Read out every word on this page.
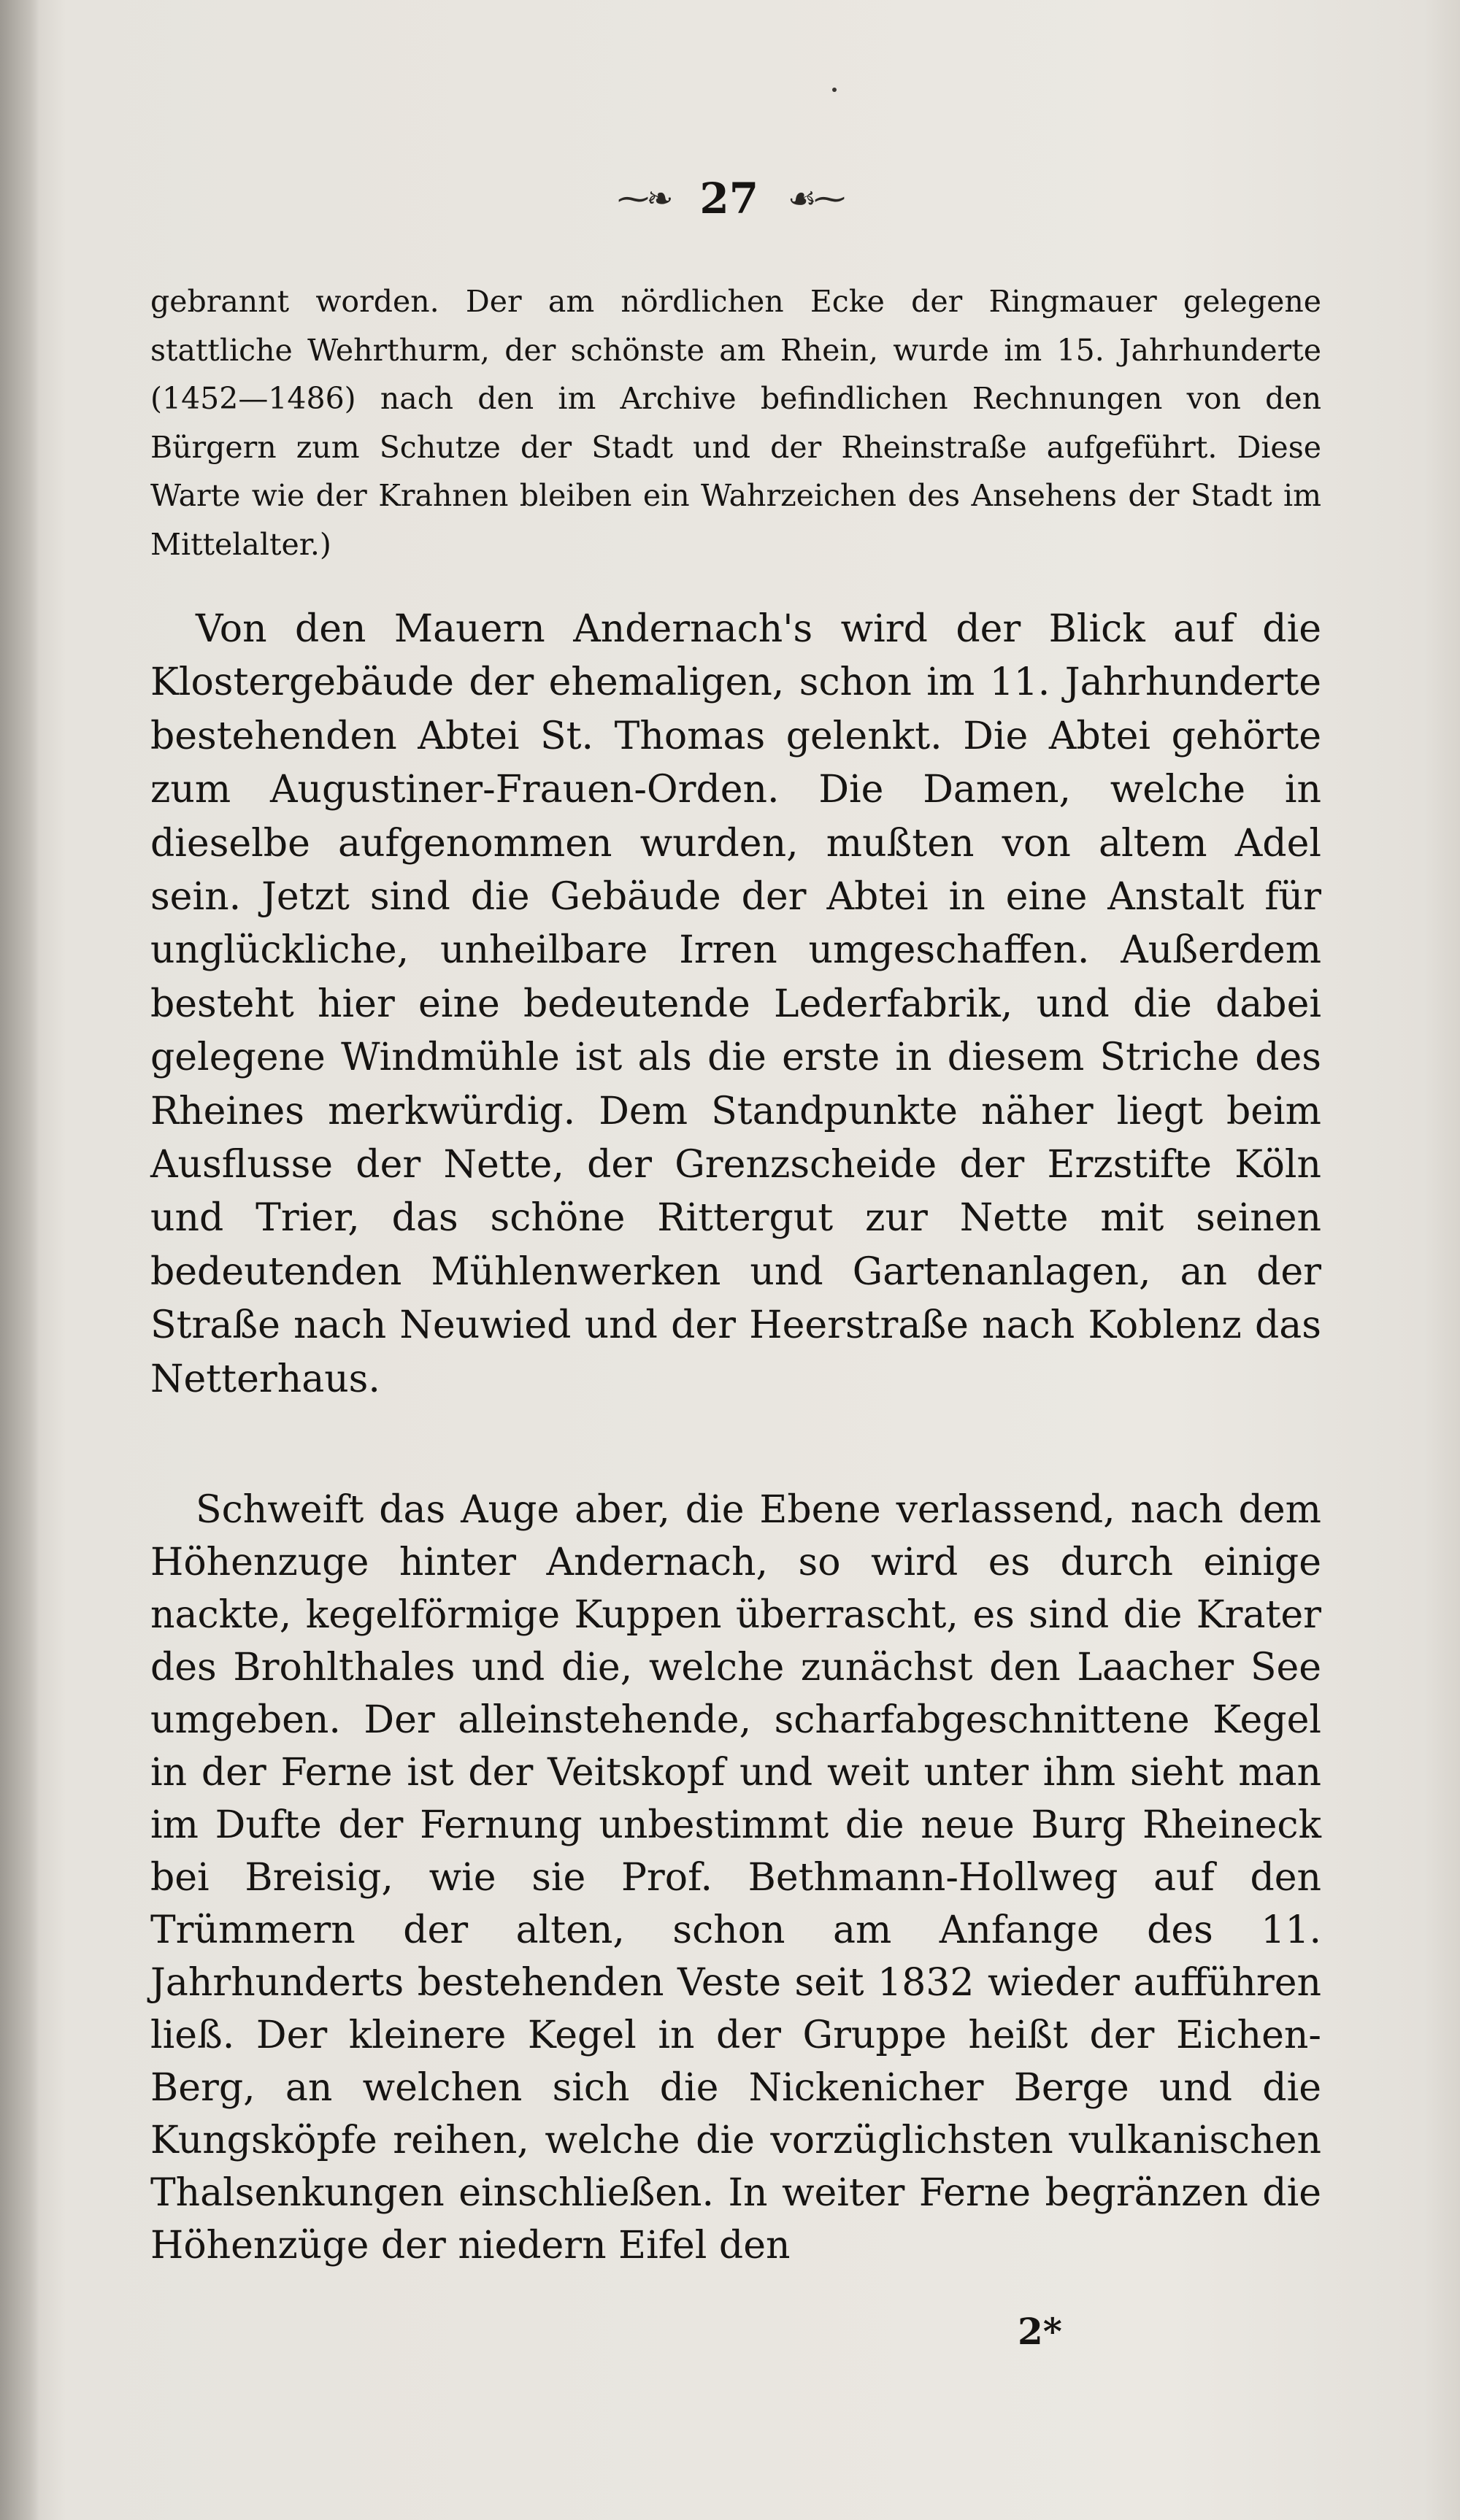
⁓❧ 27 ☙⁓

gebrannt worden. Der am nördlichen Ecke der Ringmauer gelegene stattliche Wehrthurm, der schönste am Rhein, wurde im 15. Jahrhunderte (1452—1486) nach den im Archive befindlichen Rechnungen von den Bürgern zum Schutze der Stadt und der Rheinstraße aufgeführt. Diese Warte wie der Krahnen bleiben ein Wahrzeichen des Ansehens der Stadt im Mittelalter.)

Von den Mauern Andernach's wird der Blick auf die Klostergebäude der ehemaligen, schon im 11. Jahrhunderte bestehenden Abtei St. Thomas gelenkt. Die Abtei gehörte zum Augustiner-Frauen-Orden. Die Damen, welche in dieselbe aufgenommen wurden, mußten von altem Adel sein. Jetzt sind die Gebäude der Abtei in eine Anstalt für unglückliche, unheilbare Irren umgeschaffen. Außerdem besteht hier eine bedeutende Lederfabrik, und die dabei gelegene Windmühle ist als die erste in diesem Striche des Rheines merkwürdig. Dem Standpunkte näher liegt beim Ausflusse der Nette, der Grenzscheide der Erzstifte Köln und Trier, das schöne Rittergut zur Nette mit seinen bedeutenden Mühlenwerken und Gartenanlagen, an der Straße nach Neuwied und der Heerstraße nach Koblenz das Netterhaus.

Schweift das Auge aber, die Ebene verlassend, nach dem Höhenzuge hinter Andernach, so wird es durch einige nackte, kegelförmige Kuppen überrascht, es sind die Krater des Brohlthales und die, welche zunächst den Laacher See umgeben. Der alleinstehende, scharfabgeschnittene Kegel in der Ferne ist der Veitskopf und weit unter ihm sieht man im Dufte der Fernung unbestimmt die neue Burg Rheineck bei Breisig, wie sie Prof. Bethmann-Hollweg auf den Trümmern der alten, schon am Anfange des 11. Jahrhunderts bestehenden Veste seit 1832 wieder aufführen ließ. Der kleinere Kegel in der Gruppe heißt der Eichen-Berg, an welchen sich die Nickenicher Berge und die Kungsköpfe reihen, welche die vorzüglichsten vulkanischen Thalsenkungen einschließen. In weiter Ferne begränzen die Höhenzüge der niedern Eifel den

2*
